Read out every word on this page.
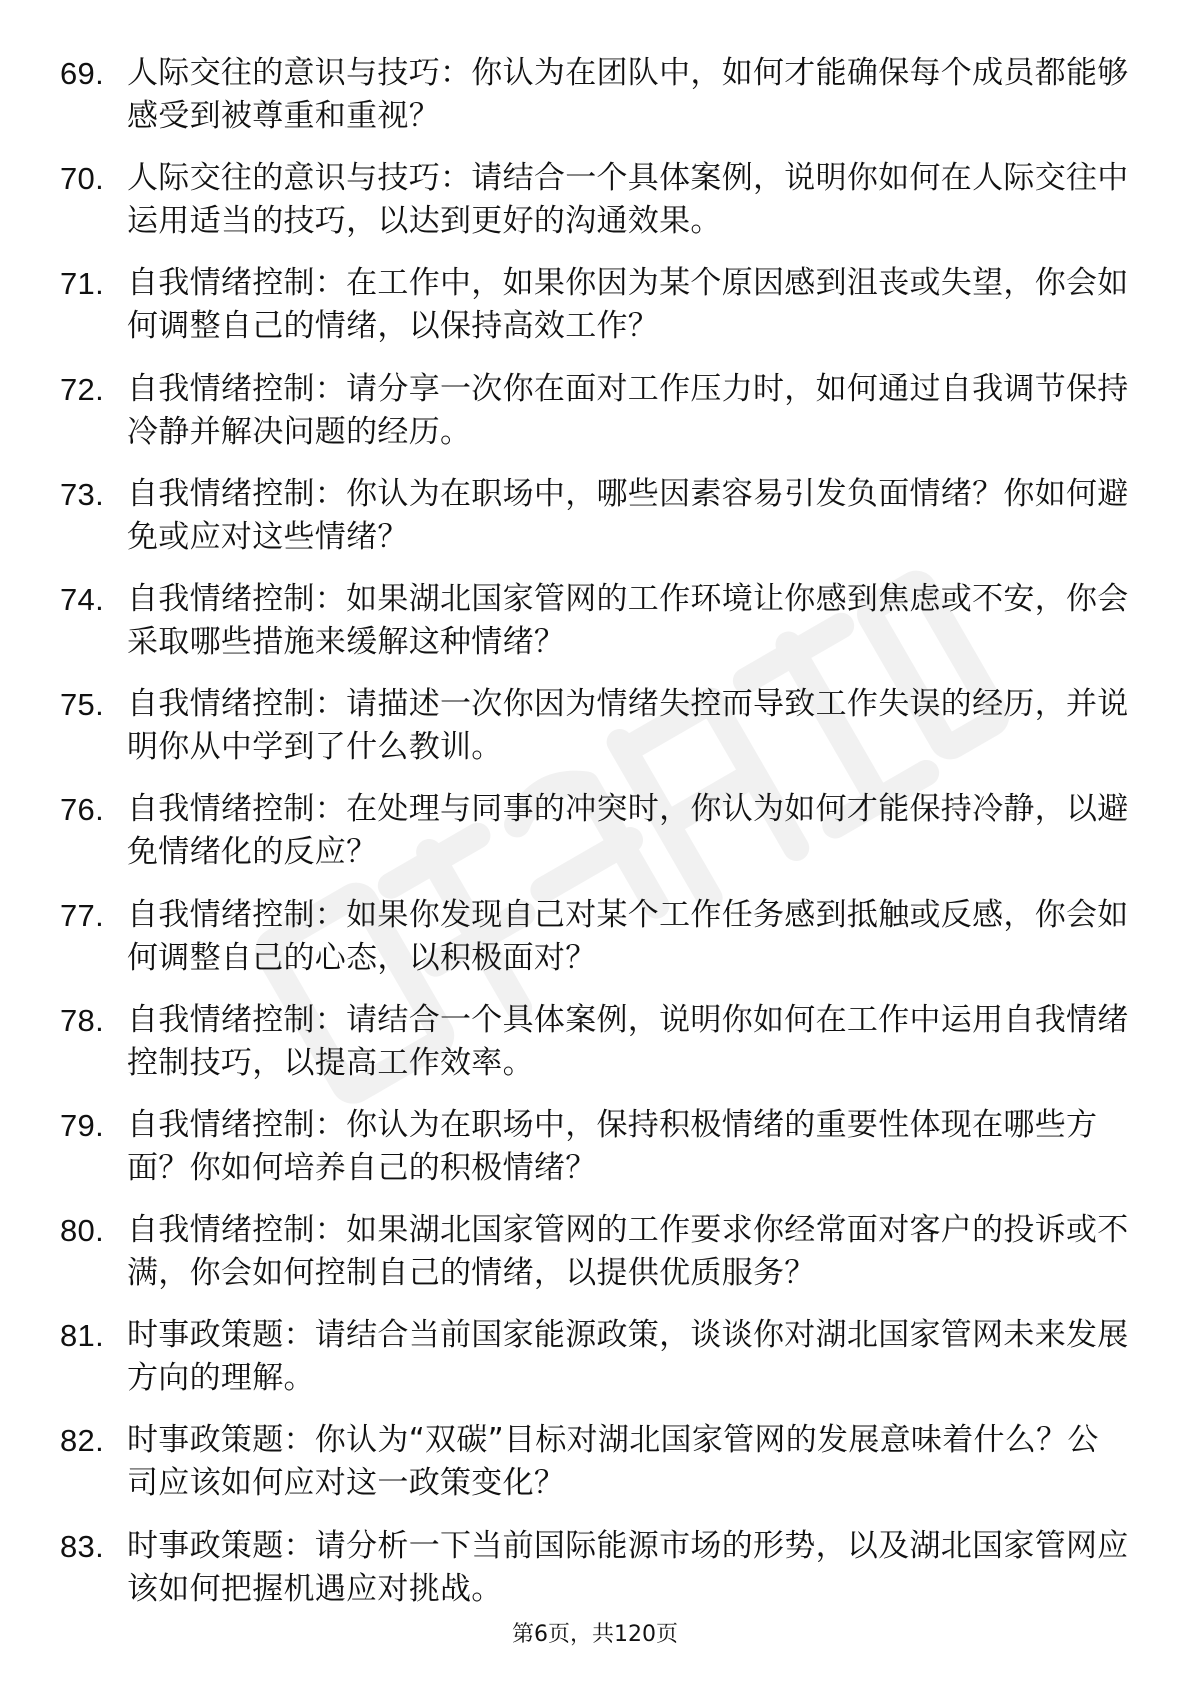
69. 人际交往的意识与技巧：你认为在团队中，如何才能确保每个成员都能够感受到被尊重和重视？
70. 人际交往的意识与技巧：请结合一个具体案例，说明你如何在人际交往中运用适当的技巧，以达到更好的沟通效果。
71. 自我情绪控制：在工作中，如果你因为某个原因感到沮丧或失望，你会如何调整自己的情绪，以保持高效工作？
72. 自我情绪控制：请分享一次你在面对工作压力时，如何通过自我调节保持冷静并解决问题的经历。
73. 自我情绪控制：你认为在职场中，哪些因素容易引发负面情绪？你如何避免或应对这些情绪？
74. 自我情绪控制：如果湖北国家管网的工作环境让你感到焦虑或不安，你会采取哪些措施来缓解这种情绪？
75. 自我情绪控制：请描述一次你因为情绪失控而导致工作失误的经历，并说明你从中学到了什么教训。
76. 自我情绪控制：在处理与同事的冲突时，你认为如何才能保持冷静，以避免情绪化的反应？
77. 自我情绪控制：如果你发现自己对某个工作任务感到抵触或反感，你会如何调整自己的心态，以积极面对？
78. 自我情绪控制：请结合一个具体案例，说明你如何在工作中运用自我情绪控制技巧，以提高工作效率。
79. 自我情绪控制：你认为在职场中，保持积极情绪的重要性体现在哪些方面？你如何培养自己的积极情绪？
80. 自我情绪控制：如果湖北国家管网的工作要求你经常面对客户的投诉或不满，你会如何控制自己的情绪，以提供优质服务？
81. 时事政策题：请结合当前国家能源政策，谈谈你对湖北国家管网未来发展方向的理解。
82. 时事政策题：你认为“双碳”目标对湖北国家管网的发展意味着什么？公司应该如何应对这一政策变化？
83. 时事政策题：请分析一下当前国际能源市场的形势，以及湖北国家管网应该如何把握机遇应对挑战。
第6页，共120页
